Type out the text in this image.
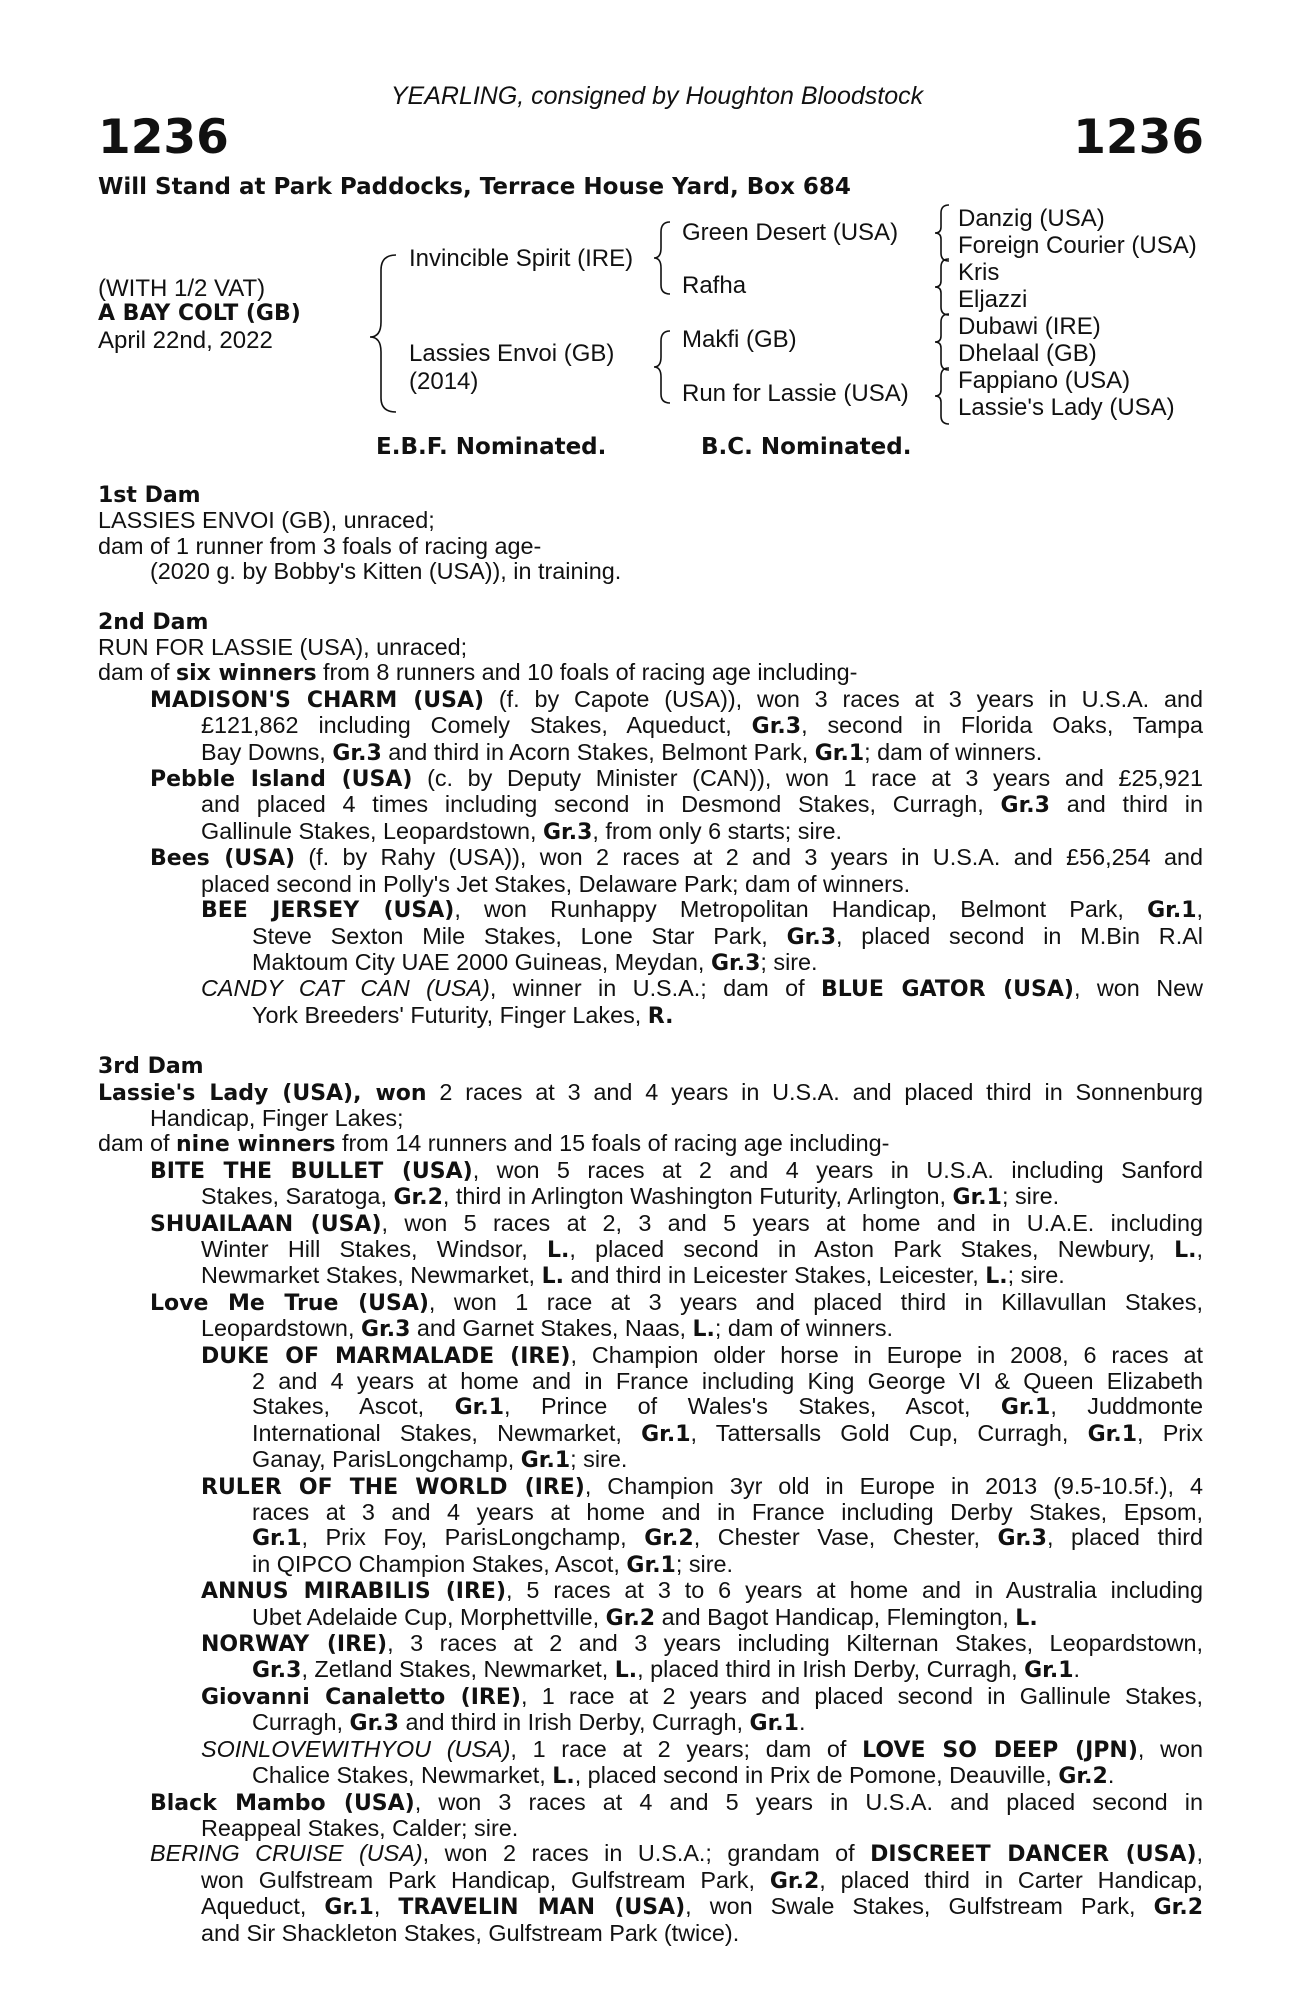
YEARLING, consigned by Houghton Bloodstock
1236	1236
Will Stand at Park Paddocks, Terrace House Yard, Box 684
(WITH 1/2 VAT)
A BAY COLT (GB)
April 22nd, 2022
Invincible Spirit (IRE)
Lassies Envoi (GB)
(2014)
Green Desert (USA)
Rafha
Makfi (GB)
Run for Lassie (USA)
Danzig (USA)
Foreign Courier (USA)
Kris
Eljazzi
Dubawi (IRE)
Dhelaal (GB)
Fappiano (USA)
Lassie's Lady (USA)
E.B.F. Nominated.	B.C. Nominated.
1st Dam
LASSIES ENVOI (GB), unraced;
dam of 1 runner from 3 foals of racing age-
(2020 g. by Bobby's Kitten (USA)), in training.
2nd Dam
RUN FOR LASSIE (USA), unraced;
dam of six winners from 8 runners and 10 foals of racing age including-
MADISON'S CHARM (USA) (f. by Capote (USA)), won 3 races at 3 years in U.S.A. and
£121,862 including Comely Stakes, Aqueduct, Gr.3, second in Florida Oaks, Tampa
Bay Downs, Gr.3 and third in Acorn Stakes, Belmont Park, Gr.1; dam of winners.
Pebble Island (USA) (c. by Deputy Minister (CAN)), won 1 race at 3 years and £25,921
and placed 4 times including second in Desmond Stakes, Curragh, Gr.3 and third in
Gallinule Stakes, Leopardstown, Gr.3, from only 6 starts; sire.
Bees (USA) (f. by Rahy (USA)), won 2 races at 2 and 3 years in U.S.A. and £56,254 and
placed second in Polly's Jet Stakes, Delaware Park; dam of winners.
BEE JERSEY (USA), won Runhappy Metropolitan Handicap, Belmont Park, Gr.1,
Steve Sexton Mile Stakes, Lone Star Park, Gr.3, placed second in M.Bin R.Al
Maktoum City UAE 2000 Guineas, Meydan, Gr.3; sire.
CANDY CAT CAN (USA), winner in U.S.A.; dam of BLUE GATOR (USA), won New
York Breeders' Futurity, Finger Lakes, R.
3rd Dam
Lassie's Lady (USA), won 2 races at 3 and 4 years in U.S.A. and placed third in Sonnenburg
Handicap, Finger Lakes;
dam of nine winners from 14 runners and 15 foals of racing age including-
BITE THE BULLET (USA), won 5 races at 2 and 4 years in U.S.A. including Sanford
Stakes, Saratoga, Gr.2, third in Arlington Washington Futurity, Arlington, Gr.1; sire.
SHUAILAAN (USA), won 5 races at 2, 3 and 5 years at home and in U.A.E. including
Winter Hill Stakes, Windsor, L., placed second in Aston Park Stakes, Newbury, L.,
Newmarket Stakes, Newmarket, L. and third in Leicester Stakes, Leicester, L.; sire.
Love Me True (USA), won 1 race at 3 years and placed third in Killavullan Stakes,
Leopardstown, Gr.3 and Garnet Stakes, Naas, L.; dam of winners.
DUKE OF MARMALADE (IRE), Champion older horse in Europe in 2008, 6 races at
2 and 4 years at home and in France including King George VI & Queen Elizabeth
Stakes, Ascot, Gr.1, Prince of Wales's Stakes, Ascot, Gr.1, Juddmonte
International Stakes, Newmarket, Gr.1, Tattersalls Gold Cup, Curragh, Gr.1, Prix
Ganay, ParisLongchamp, Gr.1; sire.
RULER OF THE WORLD (IRE), Champion 3yr old in Europe in 2013 (9.5-10.5f.), 4
races at 3 and 4 years at home and in France including Derby Stakes, Epsom,
Gr.1, Prix Foy, ParisLongchamp, Gr.2, Chester Vase, Chester, Gr.3, placed third
in QIPCO Champion Stakes, Ascot, Gr.1; sire.
ANNUS MIRABILIS (IRE), 5 races at 3 to 6 years at home and in Australia including
Ubet Adelaide Cup, Morphettville, Gr.2 and Bagot Handicap, Flemington, L.
NORWAY (IRE), 3 races at 2 and 3 years including Kilternan Stakes, Leopardstown,
Gr.3, Zetland Stakes, Newmarket, L., placed third in Irish Derby, Curragh, Gr.1.
Giovanni Canaletto (IRE), 1 race at 2 years and placed second in Gallinule Stakes,
Curragh, Gr.3 and third in Irish Derby, Curragh, Gr.1.
SOINLOVEWITHYOU (USA), 1 race at 2 years; dam of LOVE SO DEEP (JPN), won
Chalice Stakes, Newmarket, L., placed second in Prix de Pomone, Deauville, Gr.2.
Black Mambo (USA), won 3 races at 4 and 5 years in U.S.A. and placed second in
Reappeal Stakes, Calder; sire.
BERING CRUISE (USA), won 2 races in U.S.A.; grandam of DISCREET DANCER (USA),
won Gulfstream Park Handicap, Gulfstream Park, Gr.2, placed third in Carter Handicap,
Aqueduct, Gr.1, TRAVELIN MAN (USA), won Swale Stakes, Gulfstream Park, Gr.2
and Sir Shackleton Stakes, Gulfstream Park (twice).
